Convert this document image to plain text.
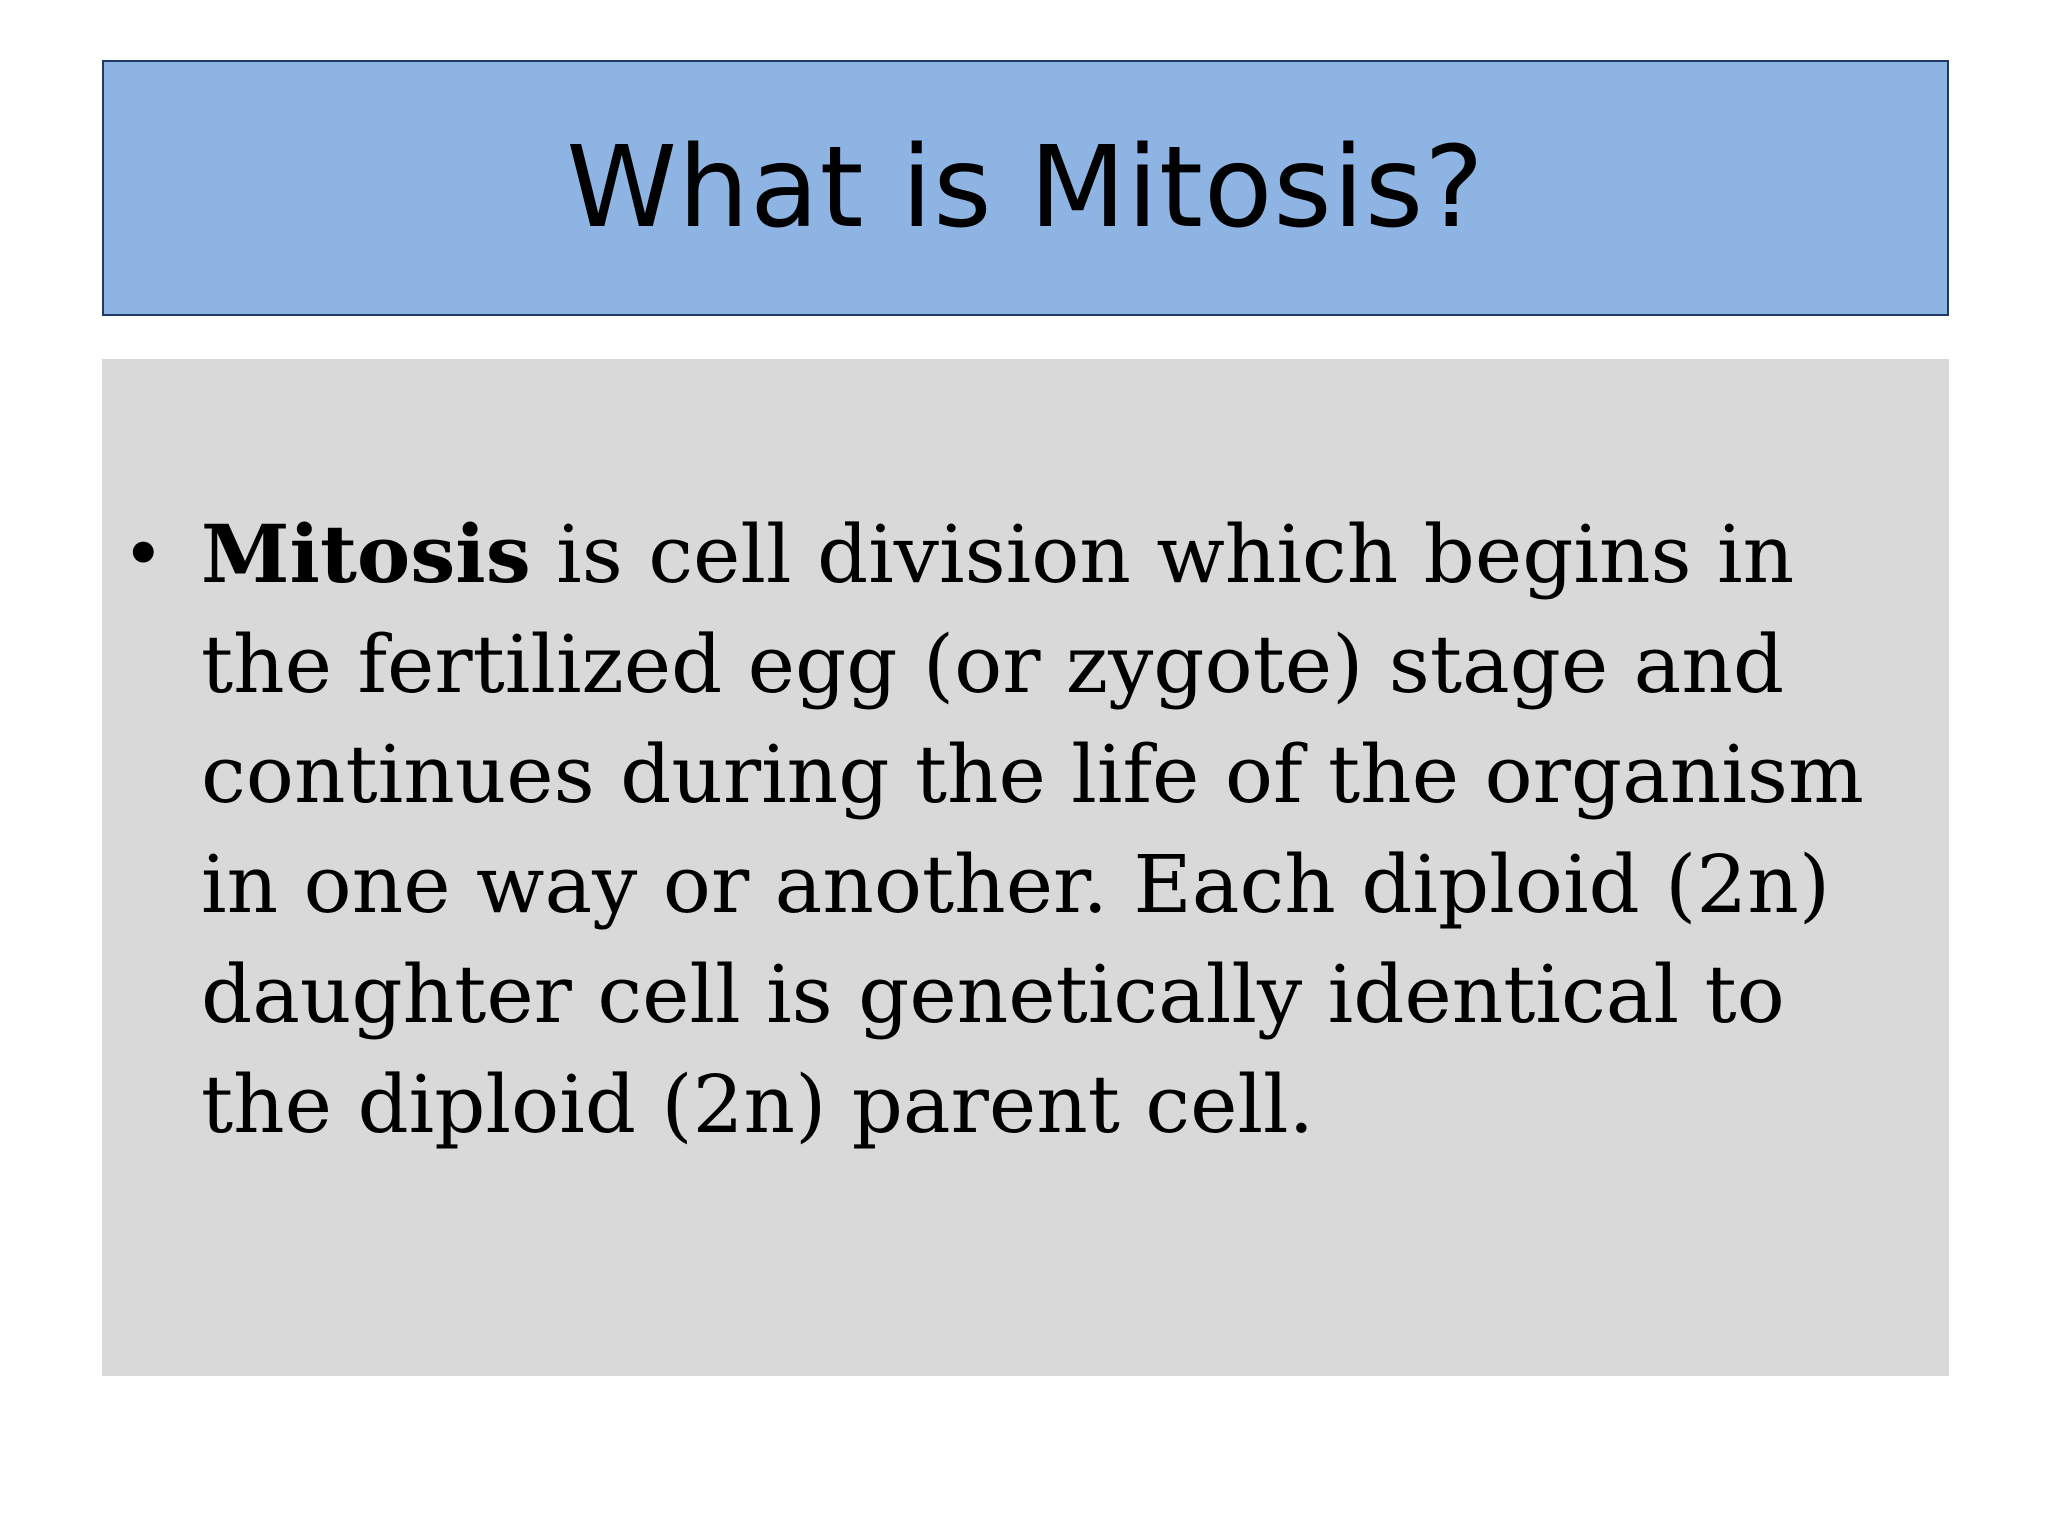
What is Mitosis?
• Mitosis is cell division which begins in the fertilized egg (or zygote) stage and continues during the life of the organism in one way or another. Each diploid (2n) daughter cell is genetically identical to the diploid (2n) parent cell.
